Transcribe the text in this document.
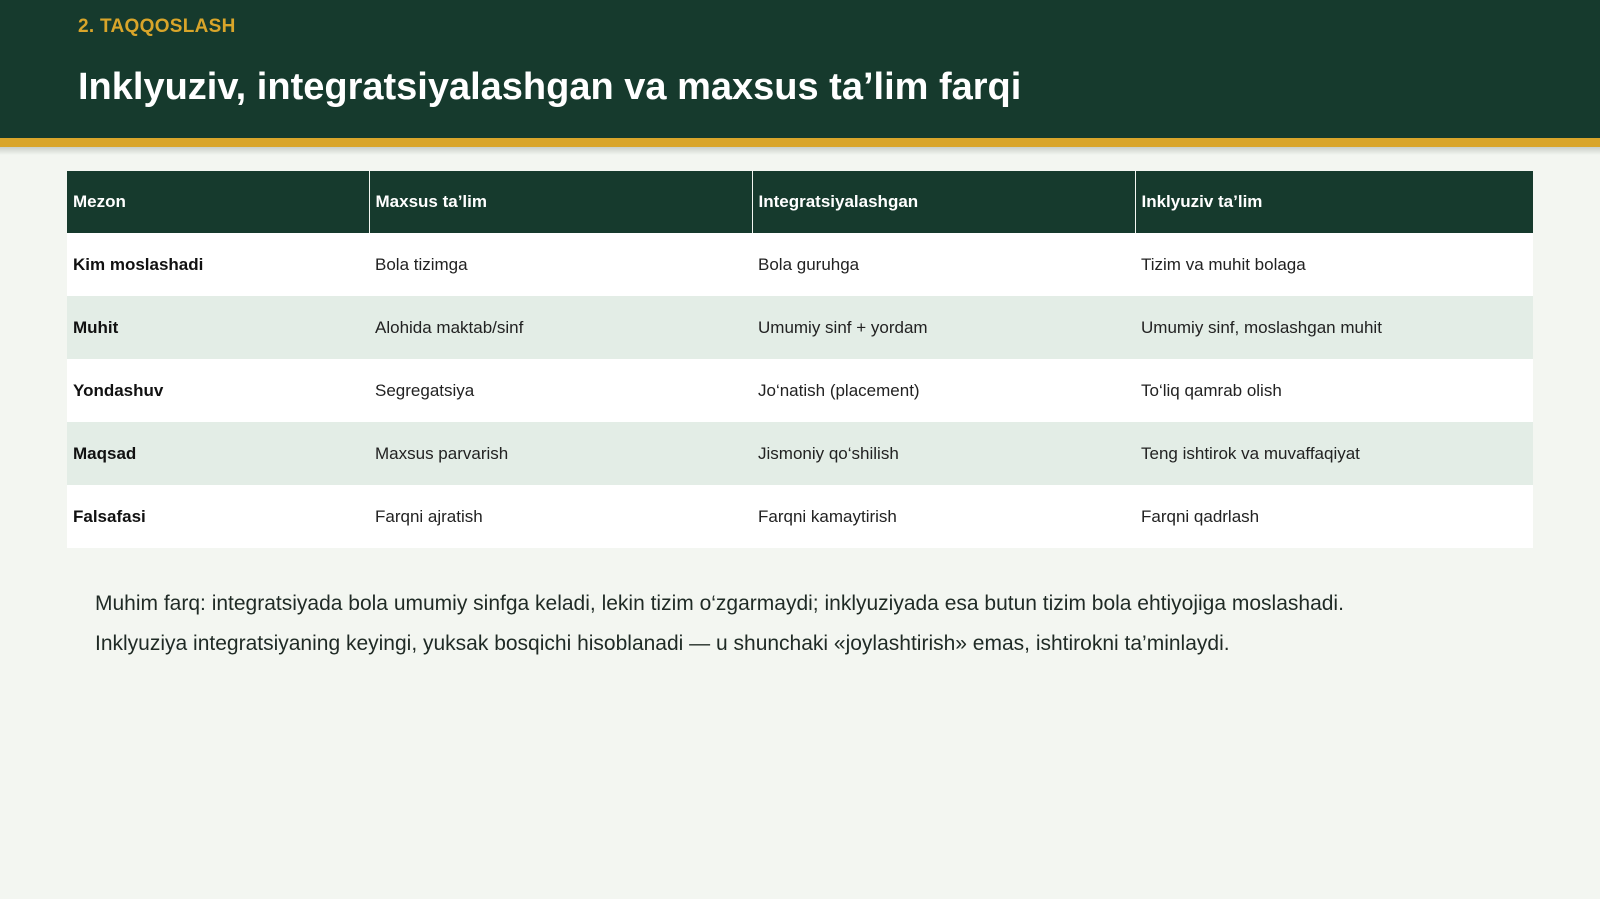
2. TAQQOSLASH
Inklyuziv, integratsiyalashgan va maxsus ta’lim farqi
Mezon	Maxsus ta’lim	Integratsiyalashgan	Inklyuziv ta’lim
Kim moslashadi	Bola tizimga	Bola guruhga	Tizim va muhit bolaga
Muhit	Alohida maktab/sinf	Umumiy sinf + yordam	Umumiy sinf, moslashgan muhit
Yondashuv	Segregatsiya	Jo‘natish (placement)	To‘liq qamrab olish
Maqsad	Maxsus parvarish	Jismoniy qo‘shilish	Teng ishtirok va muvaffaqiyat
Falsafasi	Farqni ajratish	Farqni kamaytirish	Farqni qadrlash

Muhim farq: integratsiyada bola umumiy sinfga keladi, lekin tizim o‘zgarmaydi; inklyuziyada esa butun tizim bola ehtiyojiga moslashadi.

Inklyuziya integratsiyaning keyingi, yuksak bosqichi hisoblanadi — u shunchaki «joylashtirish» emas, ishtirokni ta’minlaydi.
